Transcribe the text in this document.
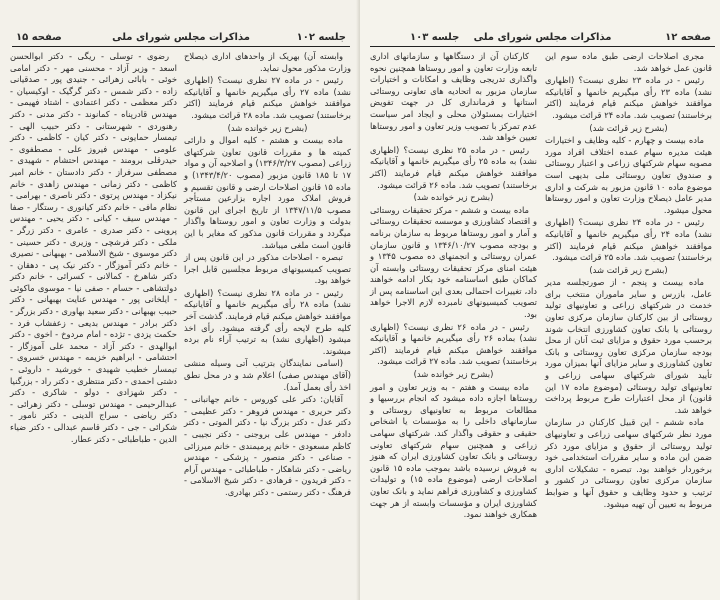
جلسه ۱۰۲
مذاکرات مجلس شورای ملی
صفحه ۱۵

وابسته آن) بهریک از واحدهای اداری ذیصلاح وزارت مذکور محول نماید.

رئیس - در ماده ۲۷ نظری نیست؟ (اظهاری نشد) ماده ۲۷ رأی میگیریم خانمها و آقایانیکه موافقند خواهش میکنم قیام فرمایند (اکثر برخاستند) تصویب شد. ماده ۲۸ قرائت میشود.

(بشرح زیر خوانده شد)

ماده بیست و هشتم - کلیه اموال و دارائی کمیته ها و مقررات قانون تعاون شرکتهای زراعی (مصوب ۱۳۴۶/۳/۲۷) و اصلاحیه آن و مواد ۱۷ تا ۱۸۵ قانون مزبور (مصوب ۱۳۴۳/۴/۲۰) و ماده ۱۵ قانون اصلاحات ارضی و قانون تقسیم و فروش املاک مورد اجاره بزارعین مستأجر مصوب ۱۳۴۷/۱۱/۵ از تاریخ اجرای این قانون بدولت و وزارت تعاون و امور روستاها واگذار میگردد و مقررات قانون مذکور که مغایر با این قانون است ملغی میباشد.

تبصره - اصلاحات مذکور در این قانون پس از تصویب کمیسیونهای مربوط مجلسین قابل اجرا خواهد بود.

رئیس - در ماده ۲۸ نظری نیست؟ (اظهاری نشد) ماده ۲۸ رأی میگیریم خانمها و آقایانیکه موافقند خواهش میکنم قیام فرمایند. گذشت آخر کلیه طرح لایحه رأی گرفته میشود. رأی اخذ میشود (اظهاری نشد) به ترتیب آراء نام برده میشوند.

(اسامی نمایندگان بترتیب آتی وسیله منشی (آقای مهندس صفی) اعلام شد و در محل نطق اخذ رأی بعمل آمد).

آقایان: دکتر علی کوروس - خانم جهانبانی - دکتر حریری - مهندس فروهر - دکتر عظیمی - دکتر عدل - دکتر بزرگ نیا - دکتر الموتی - دکتر دادفر - مهندس علی بروجنی - دکتر نجیبی - کاظم مسعودی - خانم پرمیمندی - خانم میرزائی - صناعی - دکتر منصور - پزشکی - مهندس ریاضی - دکتر شاهکار - طباطبائی - مهندس آرام - دکتر فریدون - فرهادی - دکتر شیخ الاسلامی - فرهنگ - دکتر رستمی - دکتر بهادری.

رضوی - توسلی - ریگی - دکتر ابوالحسن اسعد - وزیر آزاد - محسنی مهر - دکتر امامی خوئی - بابائی زهرائی - جنیدی پور - صدقیانی زاده - دکتر شمس - دکتر گرگیک - اوکیسیان - دکتر معظمی - دکتر اعتمادی - اشتاد فهیمی - مهندس قادرپناه - کمانوند - دکتر مدنی - دکتر رهنوردی - شهرستانی - دکتر حبیب الهی - تیمسار حمایونی - دکتر کیان - کاظمی - دکتر علومی - مهندس فیروز علی - مصطفوی - حیدرقلی برومند - مهندس احتشام - شهیدی - مصطفی سرفراز - دکتر دادستان - خانم امیر کاظمی - دکتر زمانی - مهندس زاهدی - خانم نیکزاد - مهندس پرتوی - دکتر ناصری - بهرامی - نظام مافی - خانم دکتر کیانوری - رستگار - صفا - مهندس سیف - کیانی - دکتر یحیی - مهندس پروینی - دکتر صدری - عامری - دکتر زرگر - ملکی - دکتر فرشچی - وزیری - دکتر حسینی - دکتر موسوی - شیخ الاسلامی - بهبهانی - نصیری - خانم دکتر آموزگار - دکتر نیک پی - دهقان - دکتر شاهرخ - کمالانی - کسرائی - خانم دکتر دولتشاهی - حسام - صفی نیا - موسوی ماکوئی - ایلخانی پور - مهندس عنایت بهبهانی - دکتر حبیب بهبهانی - دکتر سعید بهاوری - دکتر بزرگر - دکتر برادر - مهندس بدیعی - زعفشاب فرد - حکمت یزدی - تژده - امام مردوخ - اخوی - دکتر ابوالهدی - دکتر آزاد - محمد علی آموزگار - احتشامی - ابراهیم خزیمه - مهندس خسروی - تیمسار خطیب شهیدی - خورشید - داروئی - دشتی احمدی - دکتر منتظری - دکتر راد - بزرگنیا - دکتر شهزادی - دولو - شاکری - دکتر عبدالرحیمی - مهندس توسلی - دکتر زهرائی - دکتر ریاضی - سراج الدینی - دکتر نامور - شکرائی - جی - دکتر قاسم عبدالی - دکتر ضیاء الدین - طباطبائی - دکتر عطار.

صفحه ۱۲
مذاکرات مجلس شورای ملی
جلسه ۱۰۳

مجری اصلاحات ارضی طبق ماده سوم این قانون عمل خواهد شد.

رئیس - در ماده ۲۳ نظری نیست؟ (اظهاری نشد) ماده ۲۳ رأی میگیریم خانمها و آقایانیکه موافقند خواهش میکنم قیام فرمایند (اکثر برخاستند) تصویب شد. ماده ۲۴ قرائت میشود.

(بشرح زیر قرائت شد)

ماده بیست و چهارم - کلیه وظایف و اختیارات هیئت مدیره سهام عمده اختلاف افراد مورد مصوبه سهام شرکتهای زراعی و اعتبار روستائی و صندوق تعاون روستائی ملی بدیهی است موضوع ماده ۱۰ قانون مزبور به شرکت و اداری مدیر عامل ذیصلاح وزارت تعاون و امور روستاها محول میشود.

رئیس - در ماده ۲۴ نظری نیست؟ (اظهاری نشد) ماده ۲۴ رأی میگیریم خانمها و آقایانیکه موافقند خواهش میکنم قیام فرمایند (اکثر برخاستند) تصویب شد. ماده ۲۵ قرائت میشود.

(بشرح زیر قرائت شد)

ماده بیست و پنجم - از صورتجلسه مدیر عامل، بازرس و سایر ماموران منتخب برای خدمت در شرکتهای زراعی و تعاونیهای تولید روستائی از بین کارکنان سازمان مرکزی تعاون روستائی یا بانک تعاون کشاورزی انتخاب شوند برحسب مورد حقوق و مزایای ثبت آنان از محل بودجه سازمان مرکزی تعاون روستائی و بانک تعاون کشاورزی و سایر مزایای آنها بمیزان مورد تأیید شورای شرکتهای سهامی زراعی و تعاونیهای تولید روستائی (موضوع ماده ۱۷ این قانون) از محل اعتبارات طرح مربوط پرداخت خواهد شد.

ماده ششم - این قبیل کارکنان در سازمان مورد نظر شرکتهای سهامی زراعی و تعاونیهای تولید روستائی از حقوق و مزایای مورد ذکر ضمن این ماده و سایر مقررات استخدامی خود برخوردار خواهند بود. تبصره - تشکیلات اداری سازمان مرکزی تعاون روستائی در کشور و ترتیب و حدود وظایف و حقوق آنها و ضوابط مربوط به تعیین آن تهیه میشود.

کارکنان آن از دستگاهها و سازمانهای اداری تابعه وزارت تعاون و امور روستاها همچنین نحوه واگذاری تدریجی وظایف و امکانات و اختیارات سازمان مزبور به اتحادیه های تعاونی روستائی استانها و فرمانداری کل در جهت تفویض اختیارات بمسئولان محلی و ایجاد امر سیاست عدم تمرکز با تصویب وزیر تعاون و امور روستاها تعیین خواهد شد.

رئیس - در ماده ۲۵ نظری نیست؟ (اظهاری نشد) به ماده ۲۵ رأی میگیریم خانمها و آقایانیکه موافقند خواهش میکنم قیام فرمایند (اکثر برخاستند) تصویب شد. ماده ۲۶ قرائت میشود.

(بشرح زیر خوانده شد)

ماده بیست و ششم - مرکز تحقیقات روستائی و اقتصاد کشاورزی و موسسه تحقیقات روستائی و آمار و امور روستاها مربوط به سازمان برنامه و بودجه مصوب ۱۳۴۶/۱۰/۲۷ و قانون سازمان عمران روستائی و انجمنهای ده مصوب ۱۳۴۵ و هیئت امنای مرکز تحقیقات روستائی وابسته آن کماکان طبق اساسنامه خود بکار ادامه خواهند داد، تغییرات احتمالی بعدی این اساسنامه پس از تصویب کمیسیونهای نامبرده لازم الاجرا خواهد بود.

رئیس - در ماده ۲۶ نظری نیست؟ (اظهاری نشد) بماده ۲۶ رأی میگیریم خانمها و آقایانیکه موافقند خواهش میکنم قیام فرمایند (اکثر برخاستند) تصویب شد. ماده ۲۷ قرائت میشود.

(بشرح زیر خوانده شد)

ماده بیست و هفتم - به وزیر تعاون و امور روستاها اجازه داده میشود که انجام بررسیها و مطالعات مربوط به تعاونیهای روستائی و سازمانهای داخلی را به مؤسسات یا اشخاص حقیقی و حقوقی واگذار کند. شرکتهای سهامی زراعی و همچنین سهام شرکتهای تعاونی روستائی و بانک تعاون کشاورزی ایران که هنوز به فروش نرسیده باشد بموجب ماده ۱۵ قانون اصلاحات ارضی (موضوع ماده ۱۵) و تولیدات کشاورزی و کشاورزی فراهم نماید و بانک تعاون کشاورزی ایران و مؤسسات وابسته از هر جهت همکاری خواهند نمود.
